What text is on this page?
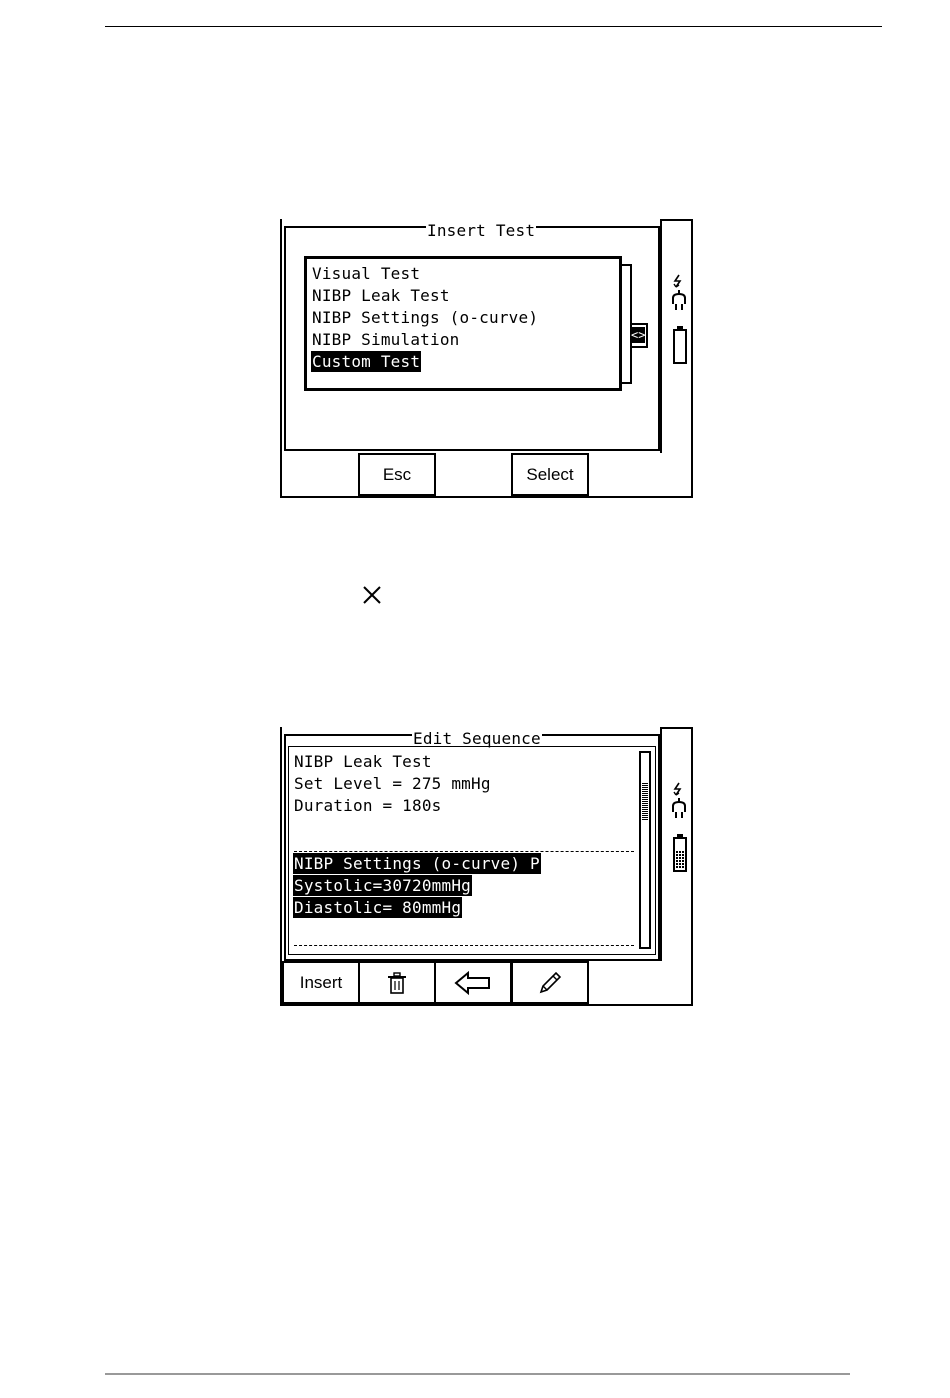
Insert Test
Visual Test
NIBP Leak Test
NIBP Settings (o-curve)
NIBP Simulation
Custom Test
<>
Esc	Select
Edit Sequence
NIBP Leak Test
Set Level = 275 mmHg
Duration = 180s
NIBP Settings (o-curve) P
Systolic=30720mmHg
Diastolic= 80mmHg
Insert
